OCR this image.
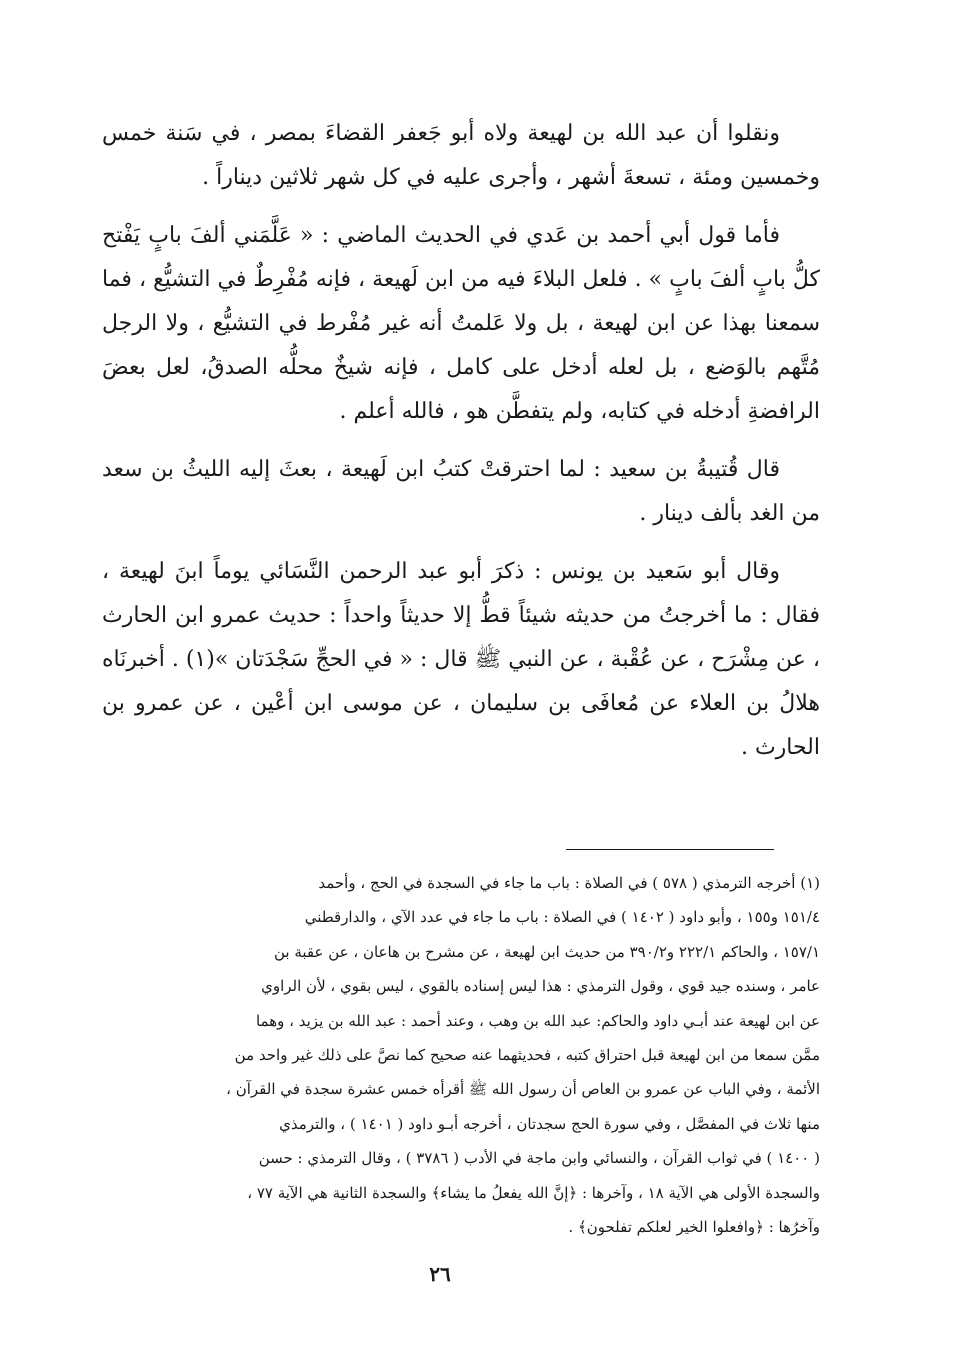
ونقلوا أن عبد الله بن لهيعة ولاه أبو جَعفر القضاءَ بمصر ، في سَنة خمس وخمسين ومئة ، تسعةَ أشهر ، وأجرى عليه في كل شهر ثلاثين ديناراً .

فأما قول أبي أحمد بن عَدي في الحديث الماضي : « عَلَّمَني ألفَ بابٍ يَفْتح كلُّ بابٍ ألفَ بابٍ » . فلعل البلاءَ فيه من ابن لَهيعة ، فإنه مُفْرِطٌ في التشيُّع ، فما سمعنا بهذا عن ابن لهيعة ، بل ولا عَلمتُ أنه غير مُفْرط في التشيُّع ، ولا الرجل مُتَّهم بالوَضع ، بل لعله أدخل على كامل ، فإنه شيخٌ محلُّه الصدقُ، لعل بعضَ الرافضةِ أدخله في كتابه، ولم يتفطَّن هو ، فالله أعلم .

قال قُتيبةُ بن سعيد : لما احترقتْ كتبُ ابن لَهيعة ، بعثَ إليه الليثُ بن سعد من الغد بألف دينار .

وقال أبو سَعيد بن يونس : ذكرَ أبو عبد الرحمن النَّسَائي يوماً ابنَ لهيعة ، فقال : ما أخرجتُ من حديثه شيئاً قطُّ إلا حديثاً واحداً : حديث عمرو ابن الحارث ، عن مِشْرَح ، عن عُقْبة ، عن النبي ﷺ قال : « في الحجِّ سَجْدَتان »(١) . أخبرنَاه هلالُ بن العلاء عن مُعافَى بن سليمان ، عن موسى ابن أعْين ، عن عمرو بن الحارث .

(١) أخرجه الترمذي ( ٥٧٨ ) في الصلاة : باب ما جاء في السجدة في الحج ، وأحمد

١٥١/٤ و١٥٥ ، وأبو داود ( ١٤٠٢ ) في الصلاة : باب ما جاء في عدد الآي ، والدارقطني

١٥٧/١ ، والحاكم ٢٢٢/١ و٣٩٠/٢ من حديث ابن لهيعة ، عن مشرح بن هاعان ، عن عقبة بن

عامر ، وسنده جيد قوي ، وقول الترمذي : هذا ليس إسناده بالقوي ، ليس بقوي ، لأن الراوي

عن ابن لهيعة عند أبـي داود والحاكم: عبد الله بن وهب ، وعند أحمد : عبد الله بن يزيد ، وهما

ممَّن سمعا من ابن لهيعة قبل احتراق كتبه ، فحديثهما عنه صحيح كما نصَّ على ذلك غير واحد من

الأئمة ، وفي الباب عن عمرو بن العاص أن رسول الله ﷺ أقرأه خمس عشرة سجدة في القرآن ،

منها ثلاث في المفصَّل ، وفي سورة الحج سجدتان ، أخرجه أبـو داود ( ١٤٠١ ) ، والترمذي

( ١٤٠٠ ) في ثواب القرآن ، والنسائي وابن ماجة في الأدب ( ٣٧٨٦ ) ، وقال الترمذي : حسن

والسجدة الأولى هي الآية ١٨ ، وآخرها : ﴿إنَّ الله يفعلُ ما يشاء﴾ والسجدة الثانية هي الآية ٧٧ ،

وآخرُها : ﴿وافعلوا الخير لعلكم تفلحون﴾ .

٢٦
